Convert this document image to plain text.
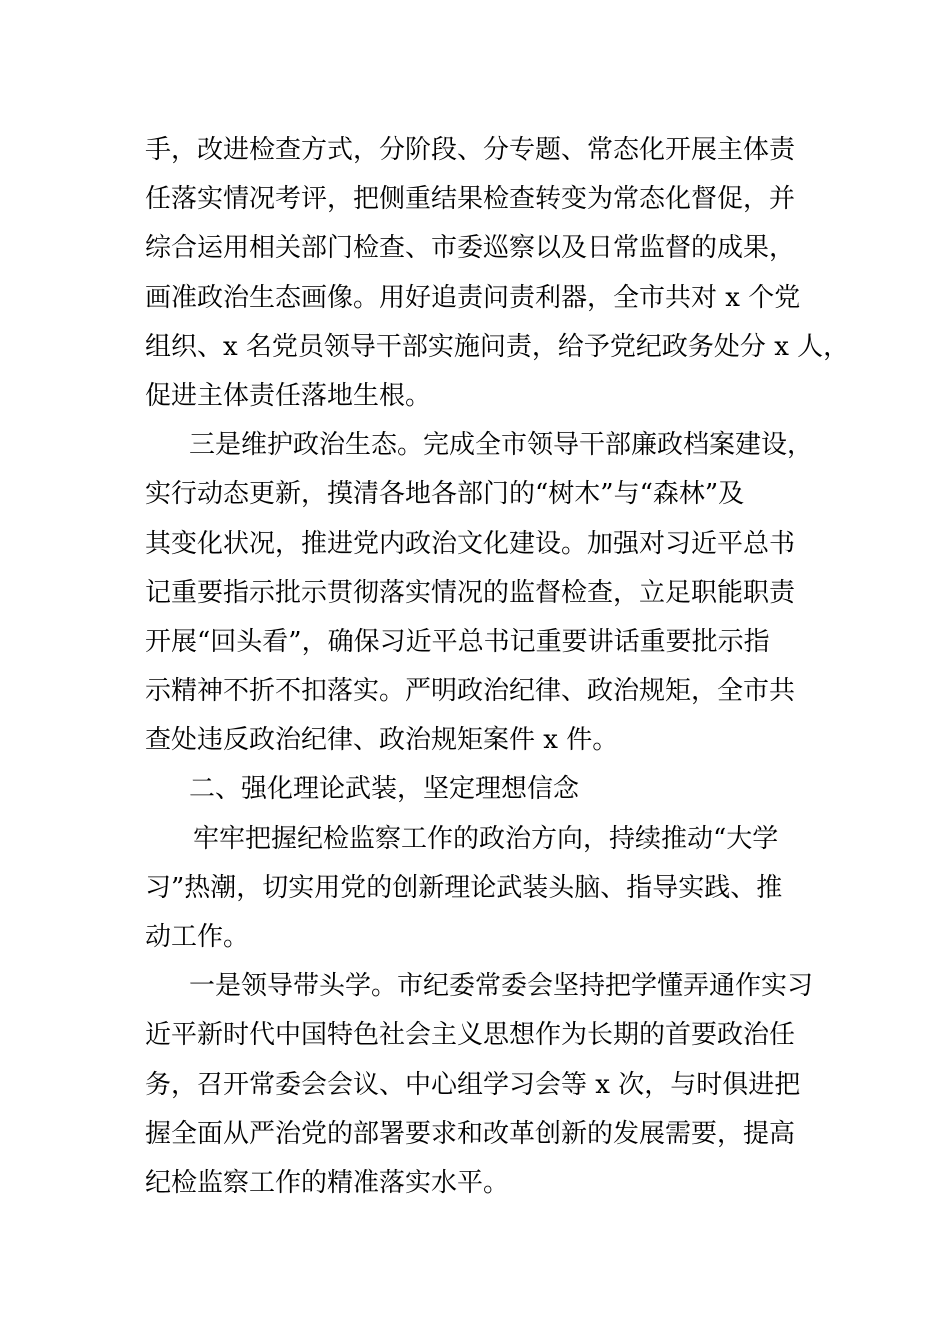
手，改进检查方式，分阶段、分专题、常态化开展主体责
任落实情况考评，把侧重结果检查转变为常态化督促，并
综合运用相关部门检查、市委巡察以及日常监督的成果，
画准政治生态画像。用好追责问责利器，全市共对 x 个党
组织、x 名党员领导干部实施问责，给予党纪政务处分 x 人，
促进主体责任落地生根。
三是维护政治生态。完成全市领导干部廉政档案建设，
实行动态更新，摸清各地各部门的“树木”与“森林”及
其变化状况，推进党内政治文化建设。加强对习近平总书
记重要指示批示贯彻落实情况的监督检查，立足职能职责
开展“回头看”，确保习近平总书记重要讲话重要批示指
示精神不折不扣落实。严明政治纪律、政治规矩，全市共
查处违反政治纪律、政治规矩案件 x 件。
二、强化理论武装，坚定理想信念
牢牢把握纪检监察工作的政治方向，持续推动“大学
习”热潮，切实用党的创新理论武装头脑、指导实践、推
动工作。
一是领导带头学。市纪委常委会坚持把学懂弄通作实习
近平新时代中国特色社会主义思想作为长期的首要政治任
务，召开常委会会议、中心组学习会等 x 次，与时俱进把
握全面从严治党的部署要求和改革创新的发展需要，提高
纪检监察工作的精准落实水平。
